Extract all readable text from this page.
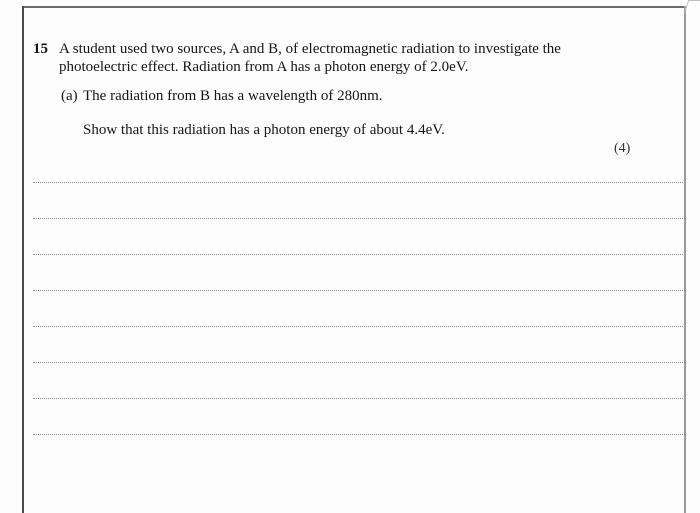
15 A student used two sources, A and B, of electromagnetic radiation to investigate the
photoelectric effect. Radiation from A has a photon energy of 2.0eV.
(a) The radiation from B has a wavelength of 280nm.
Show that this radiation has a photon energy of about 4.4eV.
(4)
